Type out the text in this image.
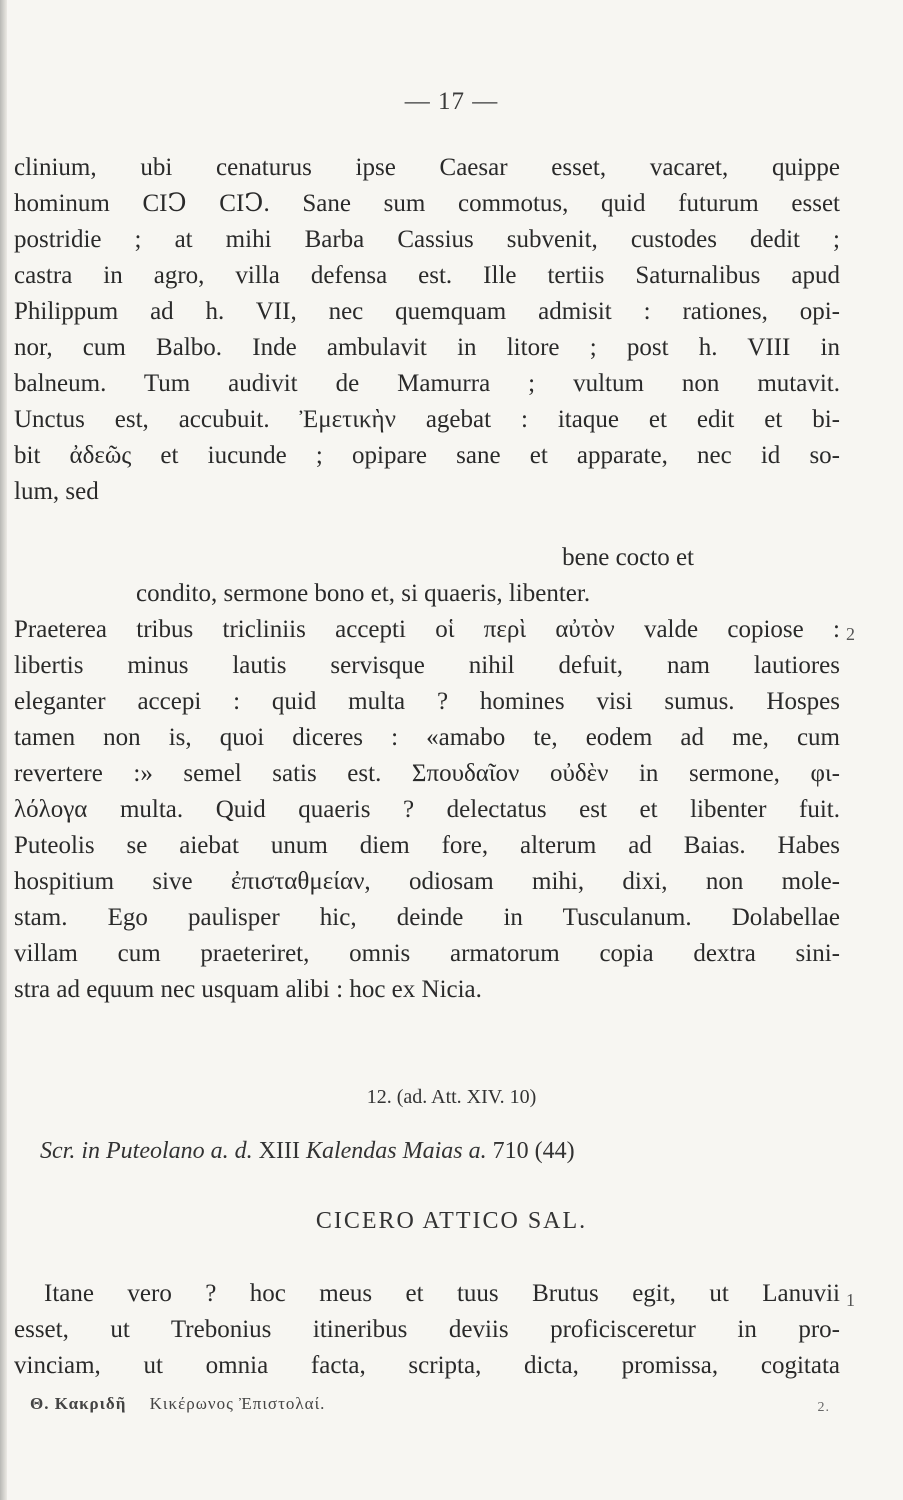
— 17 —
clinium, ubi cenaturus ipse Caesar esset, vacaret, quippe
hominum CIↃ CIↃ. Sane sum commotus, quid futurum esset
postridie ; at mihi Barba Cassius subvenit, custodes dedit ;
castra in agro, villa defensa est. Ille tertiis Saturnalibus apud
Philippum ad h. VII, nec quemquam admisit : rationes, opi-
nor, cum Balbo. Inde ambulavit in litore ; post h. VIII in
balneum. Tum audivit de Mamurra ; vultum non mutavit.
Unctus est, accubuit. Ἐμετικὴν agebat : itaque et edit et bi-
bit ἀδεῶς et iucunde ; opipare sane et apparate, nec id so-
lum, sed
bene cocto et
condito, sermone bono et, si quaeris, libenter.
Praeterea tribus tricliniis accepti οἱ περὶ αὐτὸν valde copiose :
libertis minus lautis servisque nihil defuit, nam lautiores
eleganter accepi : quid multa ? homines visi sumus. Hospes
tamen non is, quoi diceres : «amabo te, eodem ad me, cum
revertere :» semel satis est. Σπουδαῖον οὐδὲν in sermone, φι-
λόλογα multa. Quid quaeris ? delectatus est et libenter fuit.
Puteolis se aiebat unum diem fore, alterum ad Baias. Habes
hospitium sive ἐπισταθμείαν, odiosam mihi, dixi, non mole-
stam. Ego paulisper hic, deinde in Tusculanum. Dolabellae
villam cum praeteriret, omnis armatorum copia dextra sini-
stra ad equum nec usquam alibi : hoc ex Nicia.
2
1
12. (ad. Att. XIV. 10)
Scr. in Puteolano a. d. XIII Kalendas Maias a. 710 (44)
CICERO ATTICO SAL.
Itane vero ? hoc meus et tuus Brutus egit, ut Lanuvii
esset, ut Trebonius itineribus deviis proficisceretur in pro-
vinciam, ut omnia facta, scripta, dicta, promissa, cogitata
Θ. Κακριδῆ Κικέρωνος Ἐπιστολαί.	2.
